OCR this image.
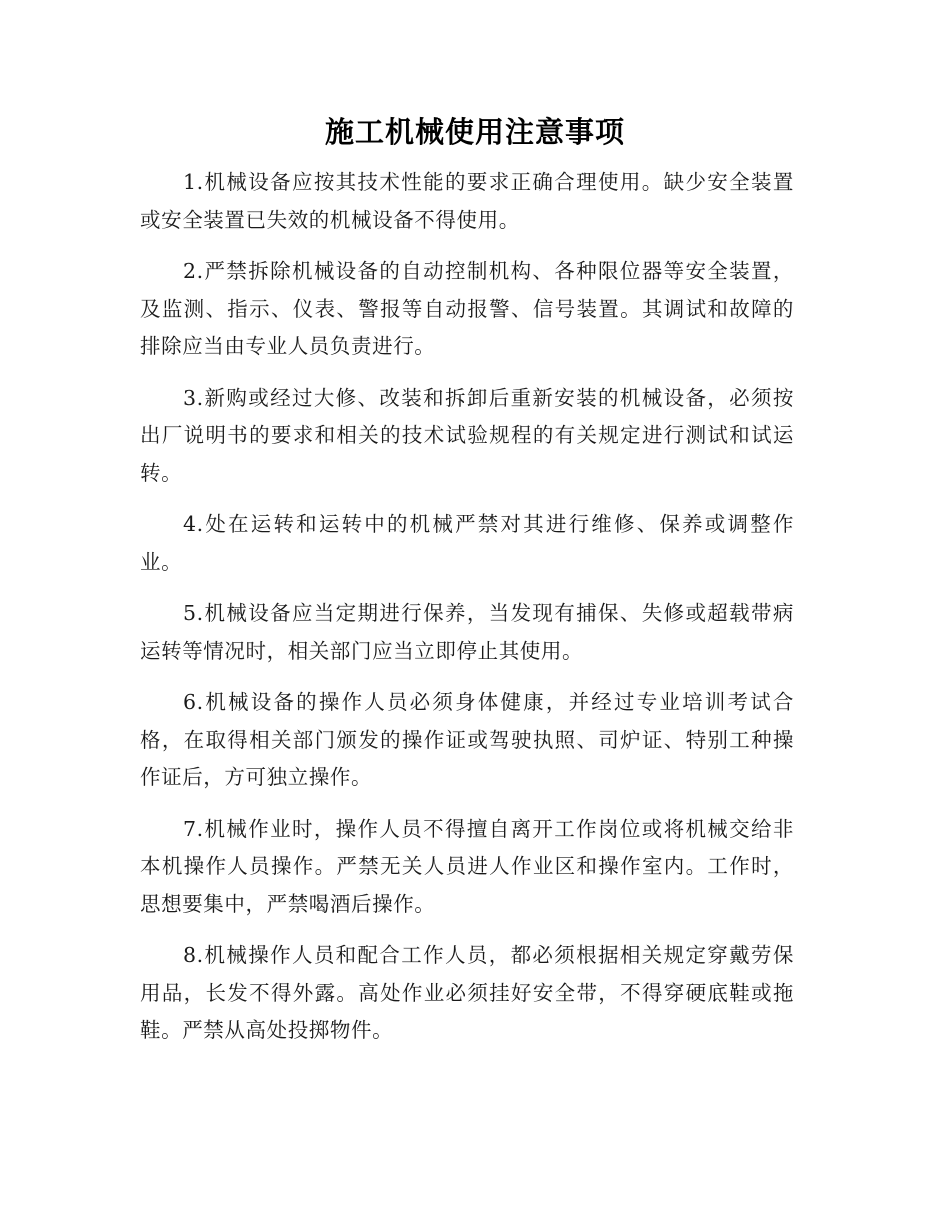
施工机械使用注意事项

1.机械设备应按其技术性能的要求正确合理使用。缺少安全装置或安全装置已失效的机械设备不得使用。

2.严禁拆除机械设备的自动控制机构、各种限位器等安全装置，及监测、指示、仪表、警报等自动报警、信号装置。其调试和故障的排除应当由专业人员负责进行。

3.新购或经过大修、改装和拆卸后重新安装的机械设备，必须按出厂说明书的要求和相关的技术试验规程的有关规定进行测试和试运转。

4.处在运转和运转中的机械严禁对其进行维修、保养或调整作业。

5.机械设备应当定期进行保养，当发现有捕保、失修或超载带病运转等情况时，相关部门应当立即停止其使用。

6.机械设备的操作人员必须身体健康，并经过专业培训考试合格，在取得相关部门颁发的操作证或驾驶执照、司炉证、特别工种操作证后，方可独立操作。

7.机械作业时，操作人员不得擅自离开工作岗位或将机械交给非本机操作人员操作。严禁无关人员进人作业区和操作室内。工作时，思想要集中，严禁喝酒后操作。

8.机械操作人员和配合工作人员，都必须根据相关规定穿戴劳保用品，长发不得外露。高处作业必须挂好安全带，不得穿硬底鞋或拖鞋。严禁从高处投掷物件。
